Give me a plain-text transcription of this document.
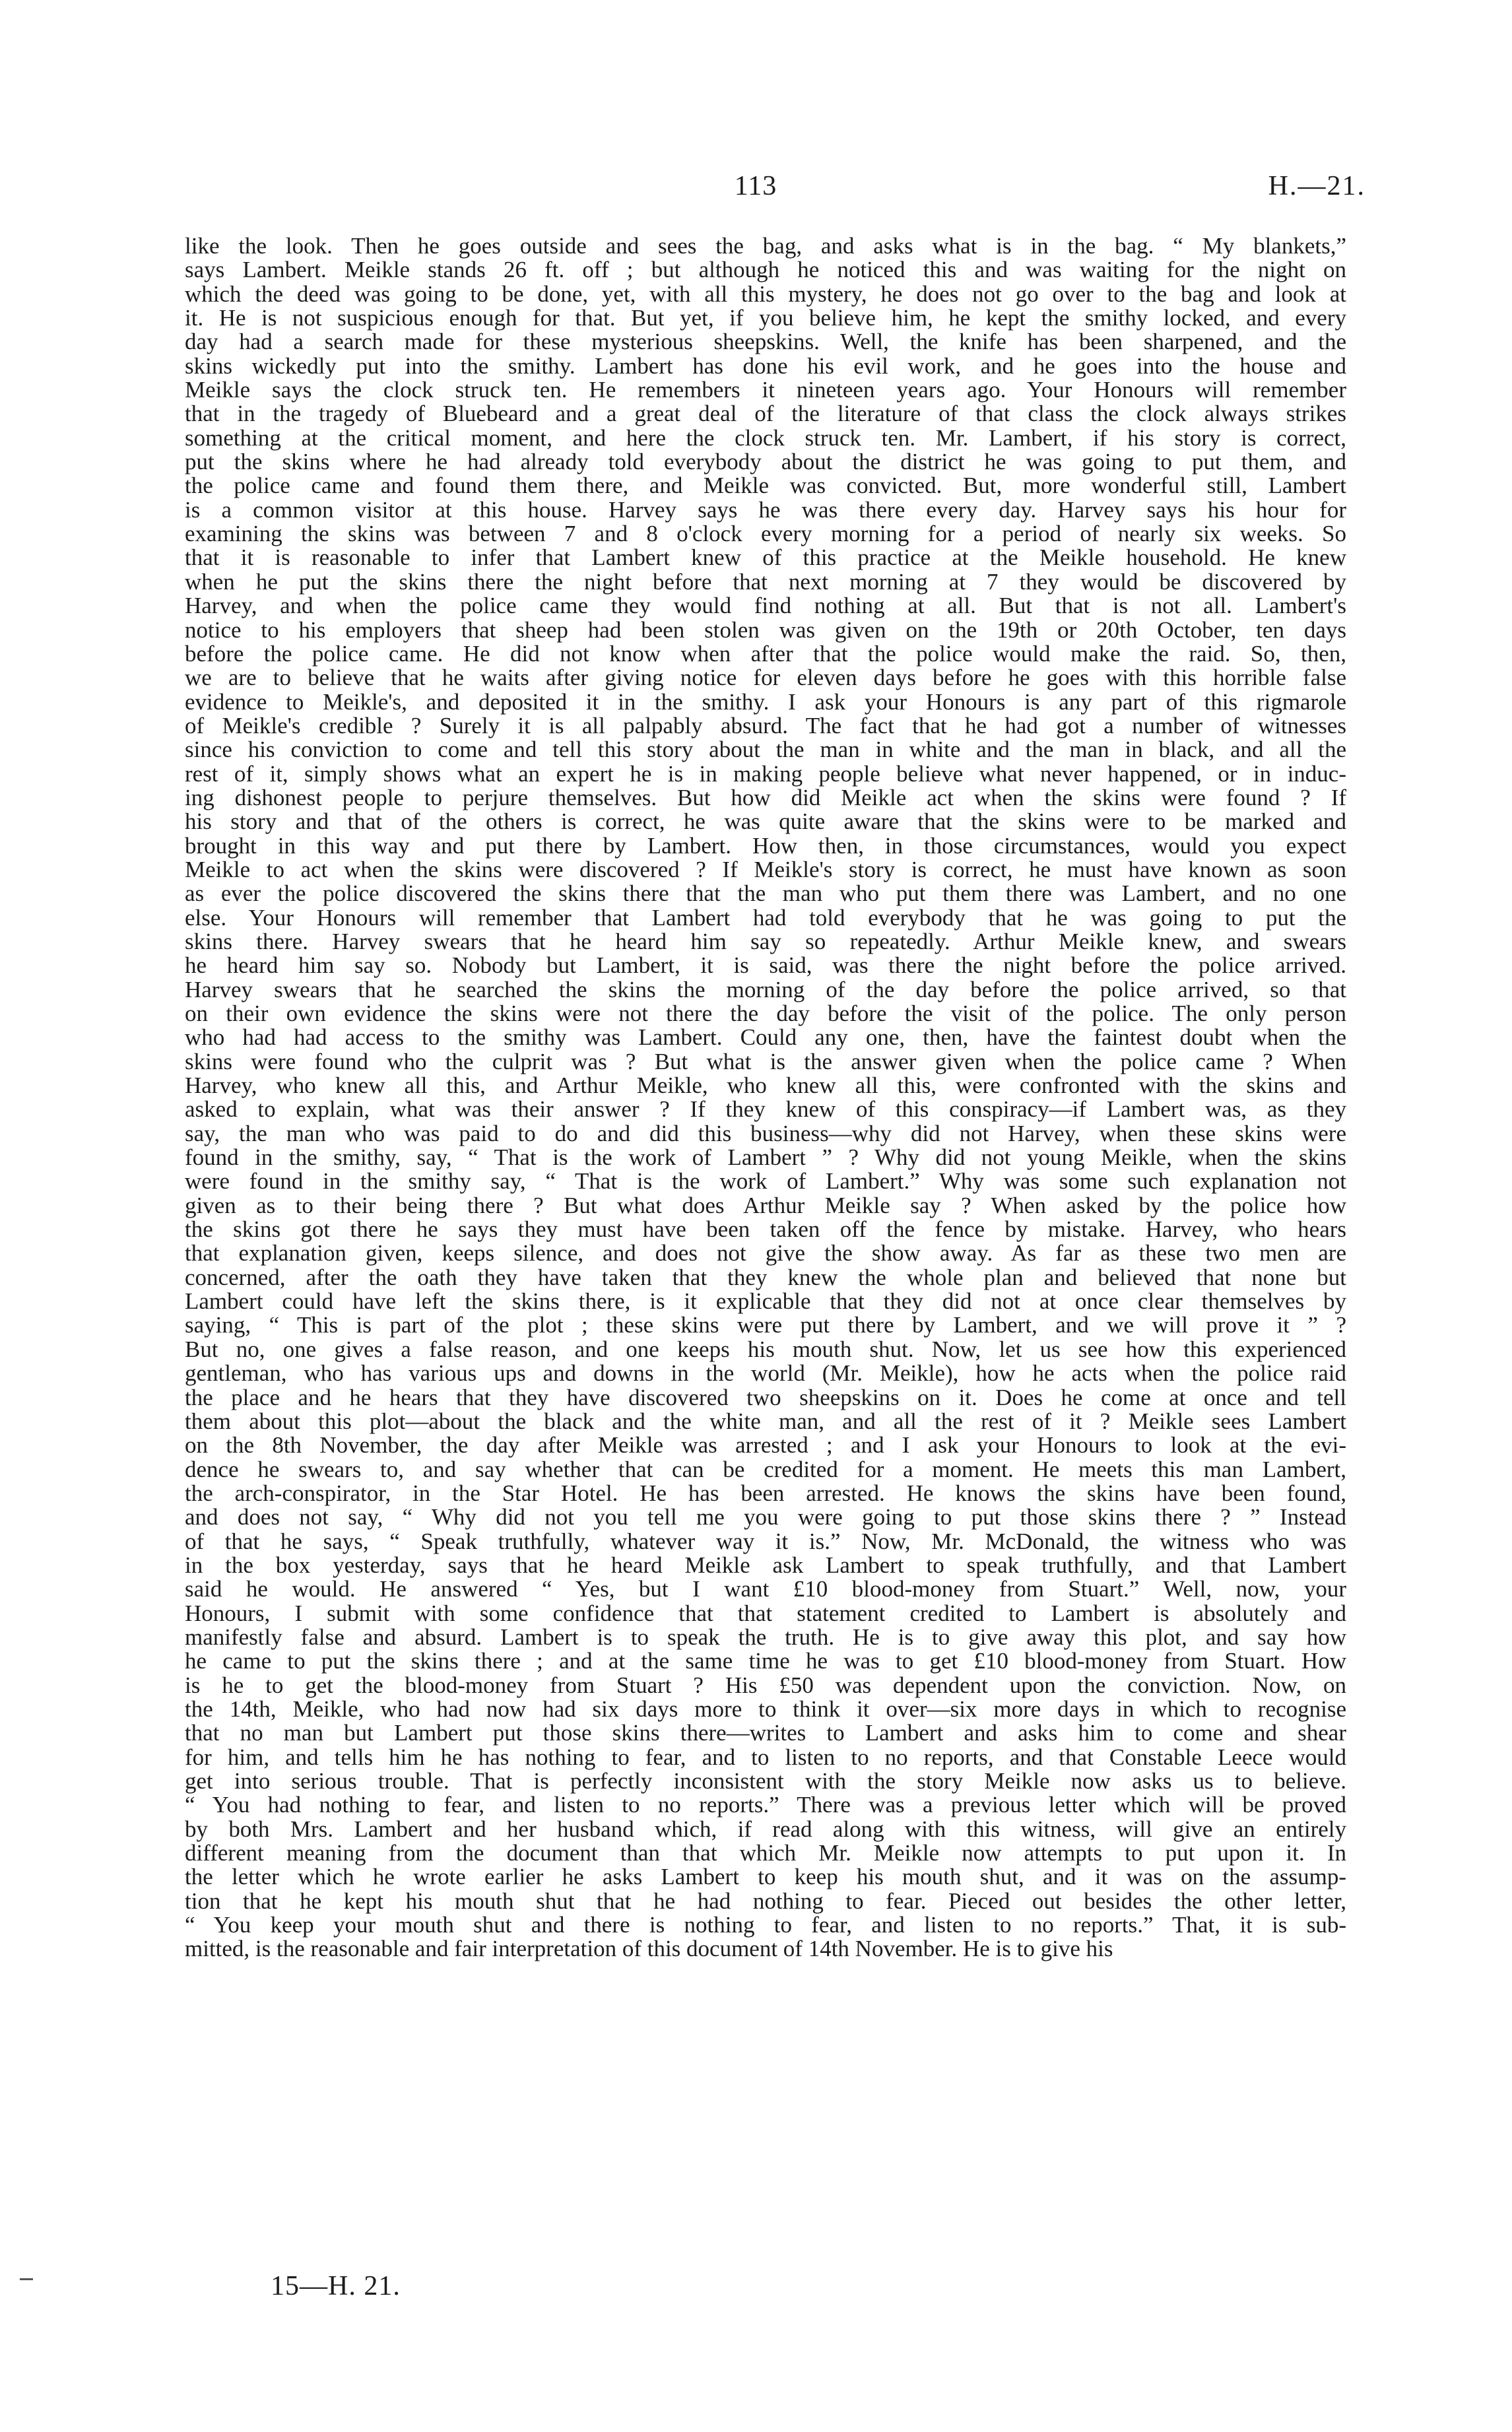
113	H.—21.
like the look. Then he goes outside and sees the bag, and asks what is in the bag. “ My blankets,”
says Lambert. Meikle stands 26 ft. off ; but although he noticed this and was waiting for the night on
which the deed was going to be done, yet, with all this mystery, he does not go over to the bag and look at
it. He is not suspicious enough for that. But yet, if you believe him, he kept the smithy locked, and every
day had a search made for these mysterious sheepskins. Well, the knife has been sharpened, and the
skins wickedly put into the smithy. Lambert has done his evil work, and he goes into the house and
Meikle says the clock struck ten. He remembers it nineteen years ago. Your Honours will remember
that in the tragedy of Bluebeard and a great deal of the literature of that class the clock always strikes
something at the critical moment, and here the clock struck ten. Mr. Lambert, if his story is correct,
put the skins where he had already told everybody about the district he was going to put them, and
the police came and found them there, and Meikle was convicted. But, more wonderful still, Lambert
is a common visitor at this house. Harvey says he was there every day. Harvey says his hour for
examining the skins was between 7 and 8 o'clock every morning for a period of nearly six weeks. So
that it is reasonable to infer that Lambert knew of this practice at the Meikle household. He knew
when he put the skins there the night before that next morning at 7 they would be discovered by
Harvey, and when the police came they would find nothing at all. But that is not all. Lambert's
notice to his employers that sheep had been stolen was given on the 19th or 20th October, ten days
before the police came. He did not know when after that the police would make the raid. So, then,
we are to believe that he waits after giving notice for eleven days before he goes with this horrible false
evidence to Meikle's, and deposited it in the smithy. I ask your Honours is any part of this rigmarole
of Meikle's credible ? Surely it is all palpably absurd. The fact that he had got a number of witnesses
since his conviction to come and tell this story about the man in white and the man in black, and all the
rest of it, simply shows what an expert he is in making people believe what never happened, or in induc-
ing dishonest people to perjure themselves. But how did Meikle act when the skins were found ? If
his story and that of the others is correct, he was quite aware that the skins were to be marked and
brought in this way and put there by Lambert. How then, in those circumstances, would you expect
Meikle to act when the skins were discovered ? If Meikle's story is correct, he must have known as soon
as ever the police discovered the skins there that the man who put them there was Lambert, and no one
else. Your Honours will remember that Lambert had told everybody that he was going to put the
skins there. Harvey swears that he heard him say so repeatedly. Arthur Meikle knew, and swears
he heard him say so. Nobody but Lambert, it is said, was there the night before the police arrived.
Harvey swears that he searched the skins the morning of the day before the police arrived, so that
on their own evidence the skins were not there the day before the visit of the police. The only person
who had had access to the smithy was Lambert. Could any one, then, have the faintest doubt when the
skins were found who the culprit was ? But what is the answer given when the police came ? When
Harvey, who knew all this, and Arthur Meikle, who knew all this, were confronted with the skins and
asked to explain, what was their answer ? If they knew of this conspiracy—if Lambert was, as they
say, the man who was paid to do and did this business—why did not Harvey, when these skins were
found in the smithy, say, “ That is the work of Lambert ” ? Why did not young Meikle, when the skins
were found in the smithy say, “ That is the work of Lambert.” Why was some such explanation not
given as to their being there ? But what does Arthur Meikle say ? When asked by the police how
the skins got there he says they must have been taken off the fence by mistake. Harvey, who hears
that explanation given, keeps silence, and does not give the show away. As far as these two men are
concerned, after the oath they have taken that they knew the whole plan and believed that none but
Lambert could have left the skins there, is it explicable that they did not at once clear themselves by
saying, “ This is part of the plot ; these skins were put there by Lambert, and we will prove it ” ?
But no, one gives a false reason, and one keeps his mouth shut. Now, let us see how this experienced
gentleman, who has various ups and downs in the world (Mr. Meikle), how he acts when the police raid
the place and he hears that they have discovered two sheepskins on it. Does he come at once and tell
them about this plot—about the black and the white man, and all the rest of it ? Meikle sees Lambert
on the 8th November, the day after Meikle was arrested ; and I ask your Honours to look at the evi-
dence he swears to, and say whether that can be credited for a moment. He meets this man Lambert,
the arch-conspirator, in the Star Hotel. He has been arrested. He knows the skins have been found,
and does not say, “ Why did not you tell me you were going to put those skins there ? ” Instead
of that he says, “ Speak truthfully, whatever way it is.” Now, Mr. McDonald, the witness who was
in the box yesterday, says that he heard Meikle ask Lambert to speak truthfully, and that Lambert
said he would. He answered “ Yes, but I want £10 blood-money from Stuart.” Well, now, your
Honours, I submit with some confidence that that statement credited to Lambert is absolutely and
manifestly false and absurd. Lambert is to speak the truth. He is to give away this plot, and say how
he came to put the skins there ; and at the same time he was to get £10 blood-money from Stuart. How
is he to get the blood-money from Stuart ? His £50 was dependent upon the conviction. Now, on
the 14th, Meikle, who had now had six days more to think it over—six more days in which to recognise
that no man but Lambert put those skins there—writes to Lambert and asks him to come and shear
for him, and tells him he has nothing to fear, and to listen to no reports, and that Constable Leece would
get into serious trouble. That is perfectly inconsistent with the story Meikle now asks us to believe.
“ You had nothing to fear, and listen to no reports.” There was a previous letter which will be proved
by both Mrs. Lambert and her husband which, if read along with this witness, will give an entirely
different meaning from the document than that which Mr. Meikle now attempts to put upon it. In
the letter which he wrote earlier he asks Lambert to keep his mouth shut, and it was on the assump-
tion that he kept his mouth shut that he had nothing to fear. Pieced out besides the other letter,
“ You keep your mouth shut and there is nothing to fear, and listen to no reports.” That, it is sub-
mitted, is the reasonable and fair interpretation of this document of 14th November. He is to give his
15—H. 21.
